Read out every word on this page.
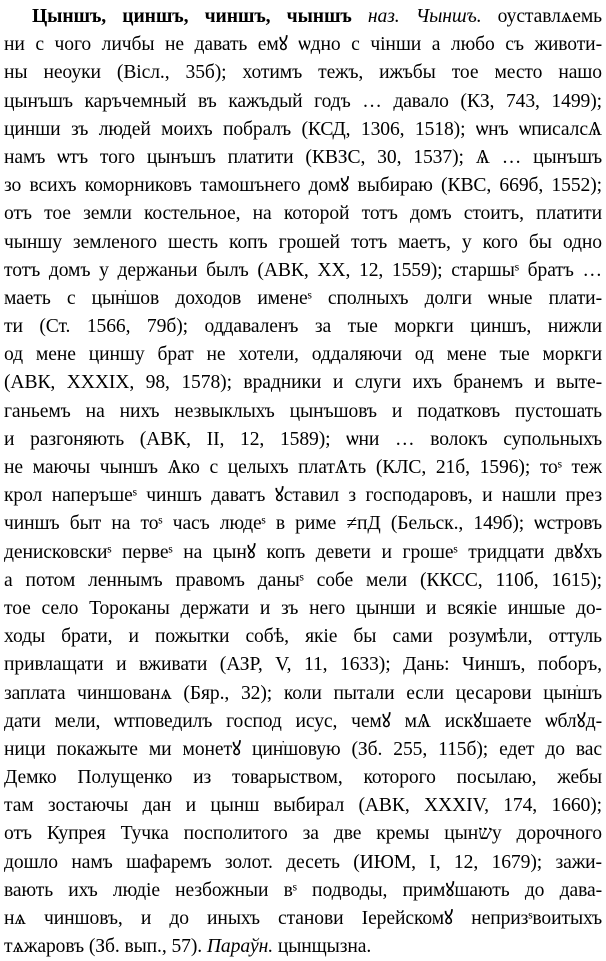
Цыншъ, циншъ, чиншъ, чыншъ наз. Чыншъ. оуставлѧемь
ни с чого личбы не давать емꙋ ѡдно с чінши а любо съ животи-
ны неоуки (Віcл., 35б); хотимъ тежъ, ижъбы тое место нашо
цынъшъ каръчемный въ кажъдый годъ … давало (КЗ, 743, 1499);
цинши зъ людей моихъ побралъ (КСД, 1306, 1518); ѡнъ ѡписалсѦ
намъ ѡтъ того цынъшъ платити (КВЗС, 30, 1537); Ѧ … цынъшъ
зо всихъ коморниковъ тамошънего домꙋ выбираю (КВС, 669б, 1552);
отъ тое земли костельное, на которой тотъ домъ стоитъ, платити
чыншу земленого шесть копъ грошей тотъ маетъ, у кого бы одно
тотъ домъ у держаньи былъ (АВК, ХХ, 12, 1559); старшыˢ братъ …
маеть с цынׂшов доходов именеˢ сполныхъ долги ѡные плати-
ти (Ст. 1566, 79б); оддаваленъ за тые моркги циншъ, нижли
од мене циншу брат не хотели, оддаляючи од мене тые моркги
(АВК, XXXIX, 98, 1578); врадники и слуги ихъ бранемъ и выте-
ганьемъ на нихъ незвыклыхъ цынъшовъ и податковъ пустошать
и разгоняють (АВК, II, 12, 1589); ѡни … волокъ супольныхъ
не маючы чыншъ Ѧко с целыхъ платѦть (КЛС, 21б, 1596); тоˢ теж
крол наперъшеˢ чиншъ даватъ ꙋставил з господаровъ, и нашли през
чиншъ быт на тоˢ часъ людеˢ в риме ≠пД (Бельск., 149б); ѡстровъ
денисковскиˢ первеˢ на цынꙋ копъ девети и грошеˢ тридцати двꙋхъ
а потом леннымъ правомъ даныˢ собе мели (ККСС, 110б, 1615);
тое село Тороканы держати и зъ него цынши и всякіе иншые до-
ходы брати, и пожытки собѣ, якіе бы сами розумѣли, оттуль
привлащати и вживати (АЗР, V, 11, 1633); Дань: Чиншъ, поборъ,
заплата чиншованѧ (Бяр., 32); коли пытали если цесарови цынׂшъ
дати мели, ѡтповедилъ господ исус, чемꙋ мѦ искꙋшаете ѡблꙋд-
ници покажыте ми монетꙋ цинׂшовую (Зб. 255, 115б); едет до вас
Демко Полущенко из товарыством, которого посылаю, жебы
там зостаючы дан и цынш выбирал (АВК, XXXIV, 174, 1660);
отъ Купрея Тучка посполитого за две кремы цынשу дорочного
дошло намъ шафаремъ золот. десеть (ИЮМ, I, 12, 1679); зажи-
вають ихъ людіе незбожныи вˢ подводы, примꙋшають до дава-
нѧ чиншовъ, и до иныхъ станови Іерейскомꙋ непризˢвоитыхъ
тѧжаровъ (Зб. вып., 57). Параўн. цынщызна.
